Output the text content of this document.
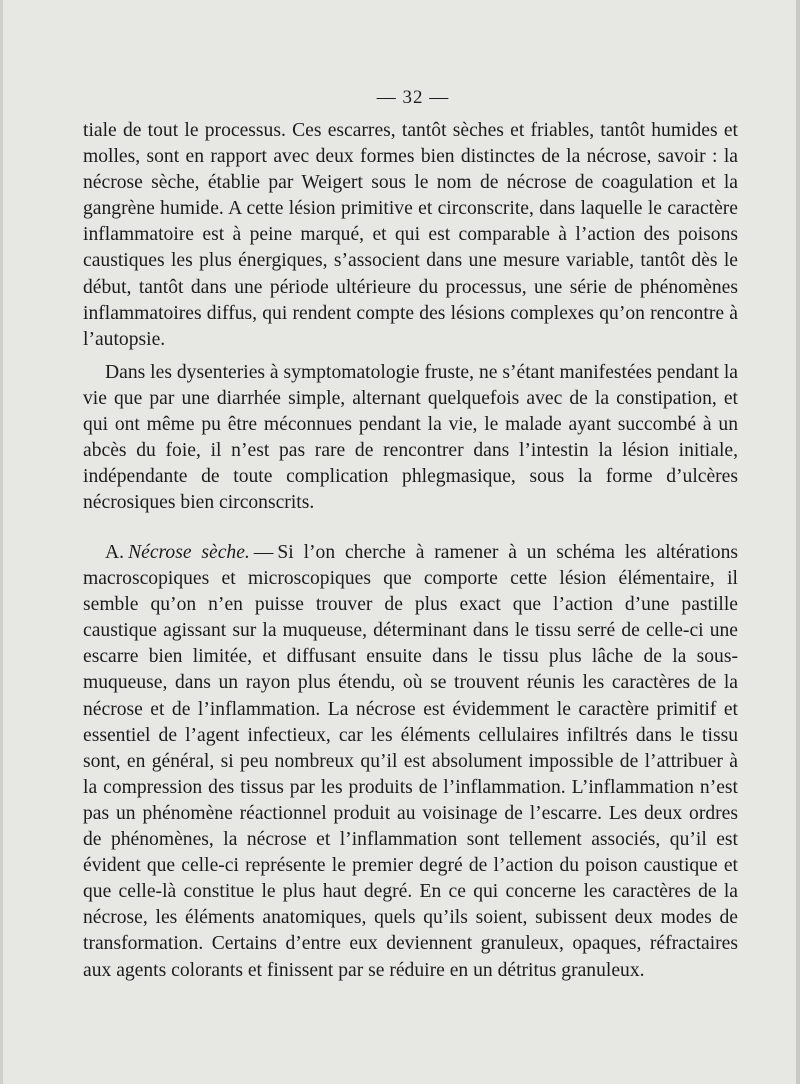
— 32 —

tiale de tout le processus. Ces escarres, tantôt sèches et friables, tantôt humides et molles, sont en rapport avec deux formes bien distinctes de la nécrose, savoir : la nécrose sèche, établie par Weigert sous le nom de nécrose de coagulation et la gangrène humide. A cette lésion primitive et circonscrite, dans laquelle le caractère inflammatoire est à peine marqué, et qui est comparable à l’action des poisons caustiques les plus énergiques, s’associent dans une mesure variable, tantôt dès le début, tantôt dans une période ultérieure du processus, une série de phénomènes inflammatoires diffus, qui rendent compte des lésions complexes qu’on rencontre à l’autopsie.

Dans les dysenteries à symptomatologie fruste, ne s’étant manifestées pendant la vie que par une diarrhée simple, alternant quelquefois avec de la constipation, et qui ont même pu être méconnues pendant la vie, le malade ayant succombé à un abcès du foie, il n’est pas rare de rencontrer dans l’intestin la lésion initiale, indépendante de toute complication phlegmasique, sous la forme d’ulcères nécrosiques bien circonscrits.

A. Nécrose sèche. — Si l’on cherche à ramener à un schéma les altérations macroscopiques et microscopiques que comporte cette lésion élémentaire, il semble qu’on n’en puisse trouver de plus exact que l’action d’une pastille caustique agissant sur la muqueuse, déterminant dans le tissu serré de celle-ci une escarre bien limitée, et diffusant ensuite dans le tissu plus lâche de la sous-muqueuse, dans un rayon plus étendu, où se trouvent réunis les caractères de la nécrose et de l’inflammation. La nécrose est évidemment le caractère primitif et essentiel de l’agent infectieux, car les éléments cellulaires infiltrés dans le tissu sont, en général, si peu nombreux qu’il est absolument impossible de l’attribuer à la compression des tissus par les produits de l’inflammation. L’inflammation n’est pas un phénomène réactionnel produit au voisinage de l’escarre. Les deux ordres de phénomènes, la nécrose et l’inflammation sont tellement associés, qu’il est évident que celle-ci représente le premier degré de l’action du poison caustique et que celle-là constitue le plus haut degré. En ce qui concerne les caractères de la nécrose, les éléments anatomiques, quels qu’ils soient, subissent deux modes de transformation. Certains d’entre eux deviennent granuleux, opaques, réfractaires aux agents colorants et finissent par se réduire en un détritus granuleux.
